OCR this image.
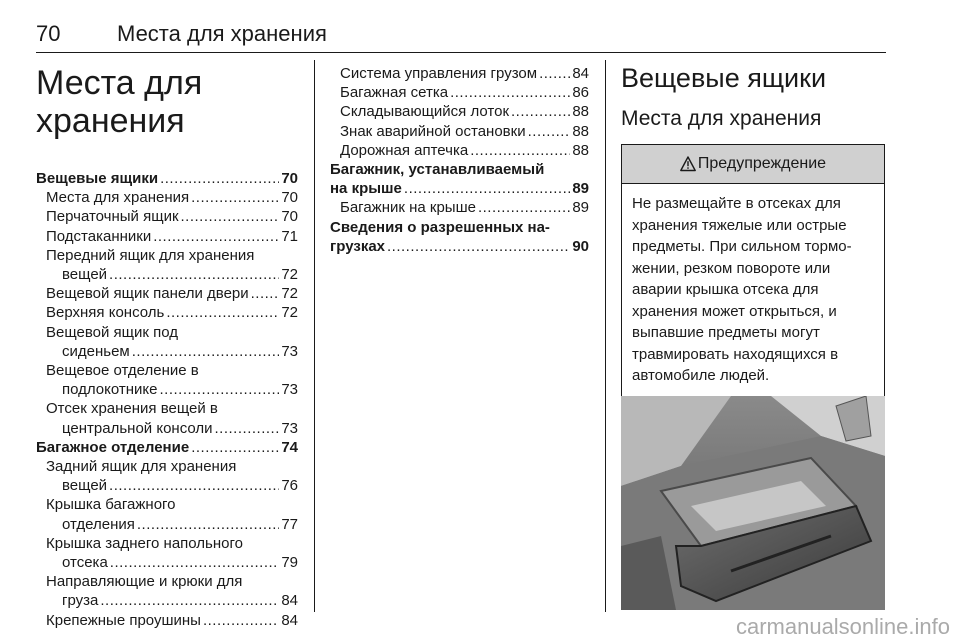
70	Места для хранения
Места для
хранения
Вещевые ящики .....	70
Места для хранения .....	70
Перчаточный ящик .....	70
Подстаканники .....	71
Передний ящик для хранения
вещей .....	72
Вещевой ящик панели двери ..... 72
Верхняя консоль .....	72
Вещевой ящик под
сиденьем .....	73
Вещевое отделение в
подлокотнике .....	73
Отсек хранения вещей в
центральной консоли .....	73
Багажное отделение .....	74
Задний ящик для хранения
вещей .....	76
Крышка багажного
отделения .....	77
Крышка заднего напольного
отсека .....	79
Направляющие и крюки для
груза .....	84
Крепежные проушины .....	84
Система управления грузом ..... 84
Багажная сетка .....	86
Складывающийся лоток .....	88
Знак аварийной остановки .....	88
Дорожная аптечка .....	88
Багажник, устанавливаемый
на крыше .....	89
Багажник на крыше .....	89
Сведения о разрешенных на-
грузках .....	90
Вещевые ящики
Места для хранения
Предупреждение
Не размещайте в отсеках для
хранения тяжелые или острые
предметы. При сильном тормо-
жении, резком повороте или
аварии крышка отсека для
хранения может открыться, и
выпавшие предметы могут
травмировать находящихся в
автомобиле людей.
carmanualsonline.info
